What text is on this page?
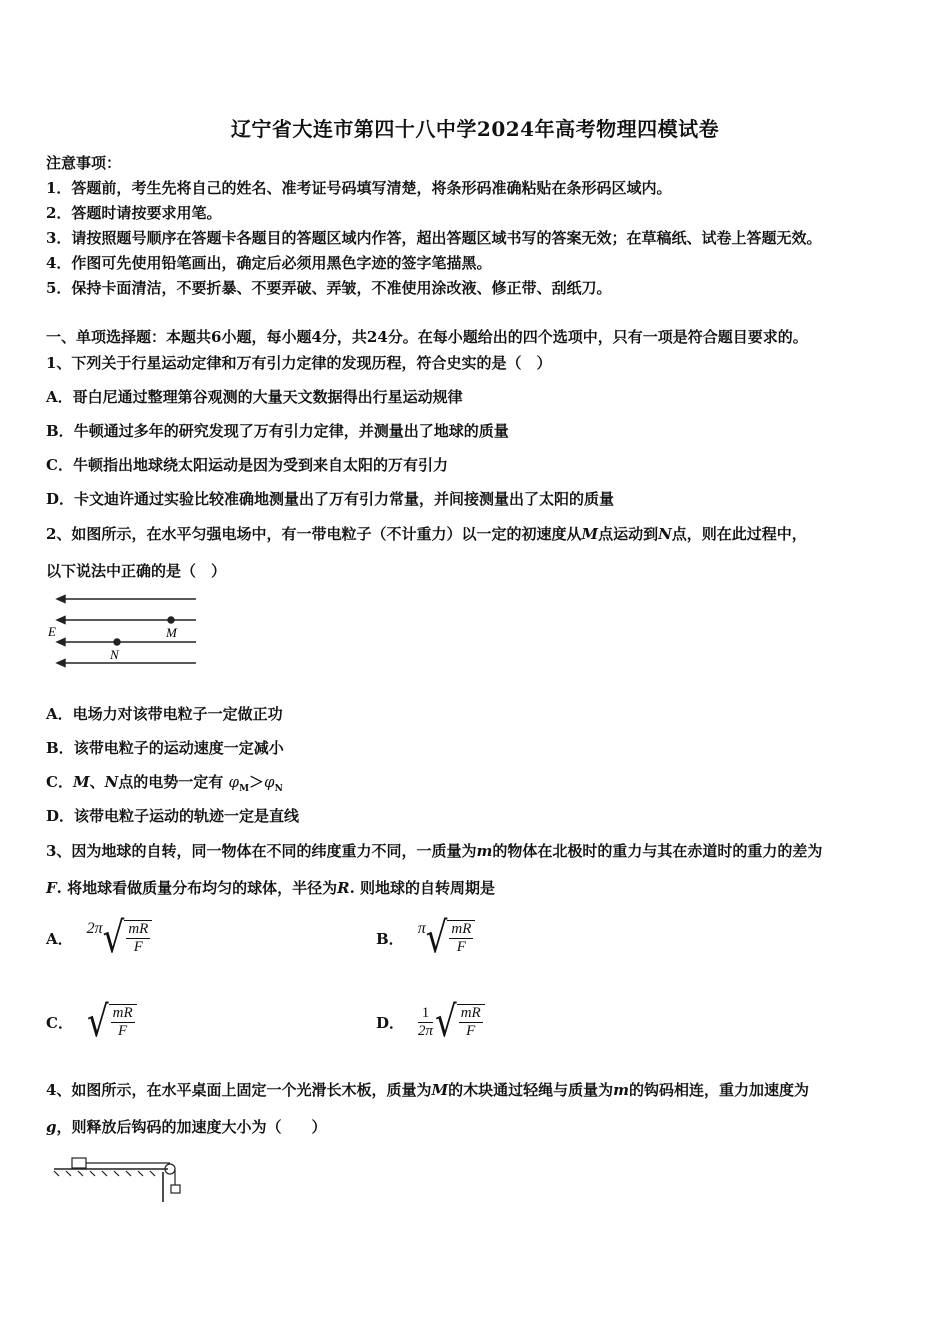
辽宁省大连市第四十八中学2024年高考物理四模试卷
注意事项：
1．答题前，考生先将自己的姓名、准考证号码填写清楚，将条形码准确粘贴在条形码区域内。
2．答题时请按要求用笔。
3．请按照题号顺序在答题卡各题目的答题区域内作答，超出答题区域书写的答案无效；在草稿纸、试卷上答题无效。
4．作图可先使用铅笔画出，确定后必须用黑色字迹的签字笔描黑。
5．保持卡面清洁，不要折暴、不要弄破、弄皱，不准使用涂改液、修正带、刮纸刀。
一、单项选择题：本题共6小题，每小题4分，共24分。在每小题给出的四个选项中，只有一项是符合题目要求的。
1、下列关于行星运动定律和万有引力定律的发现历程，符合史实的是（　）
A．哥白尼通过整理第谷观测的大量天文数据得出行星运动规律
B．牛顿通过多年的研究发现了万有引力定律，并测量出了地球的质量
C．牛顿指出地球绕太阳运动是因为受到来自太阳的万有引力
D．卡文迪许通过实验比较准确地测量出了万有引力常量，并间接测量出了太阳的质量
2、如图所示，在水平匀强电场中，有一带电粒子（不计重力）以一定的初速度从M点运动到N点，则在此过程中，
以下说法中正确的是（　）
E	M
N
A．电场力对该带电粒子一定做正功
B．该带电粒子的运动速度一定减小
C．M、N点的电势一定有 $\varphi_M>\varphi_N$
D．该带电粒子运动的轨迹一定是直线
3、因为地球的自转，同一物体在不同的纬度重力不同，一质量为m的物体在北极时的重力与其在赤道时的重力的差为
F. 将地球看做质量分布均匀的球体，半径为R. 则地球的自转周期是
A．
2π √ $\frac{mR}{F}$	B．
π √ $\frac{mR}{F}$
C． √ $\frac{mR}{F}$	D． $\frac{1}{2\pi}$ √ $\frac{mR}{F}$
4、如图所示，在水平桌面上固定一个光滑长木板，质量为M的木块通过轻绳与质量为m的钩码相连，重力加速度为
g，则释放后钩码的加速度大小为（　　）
